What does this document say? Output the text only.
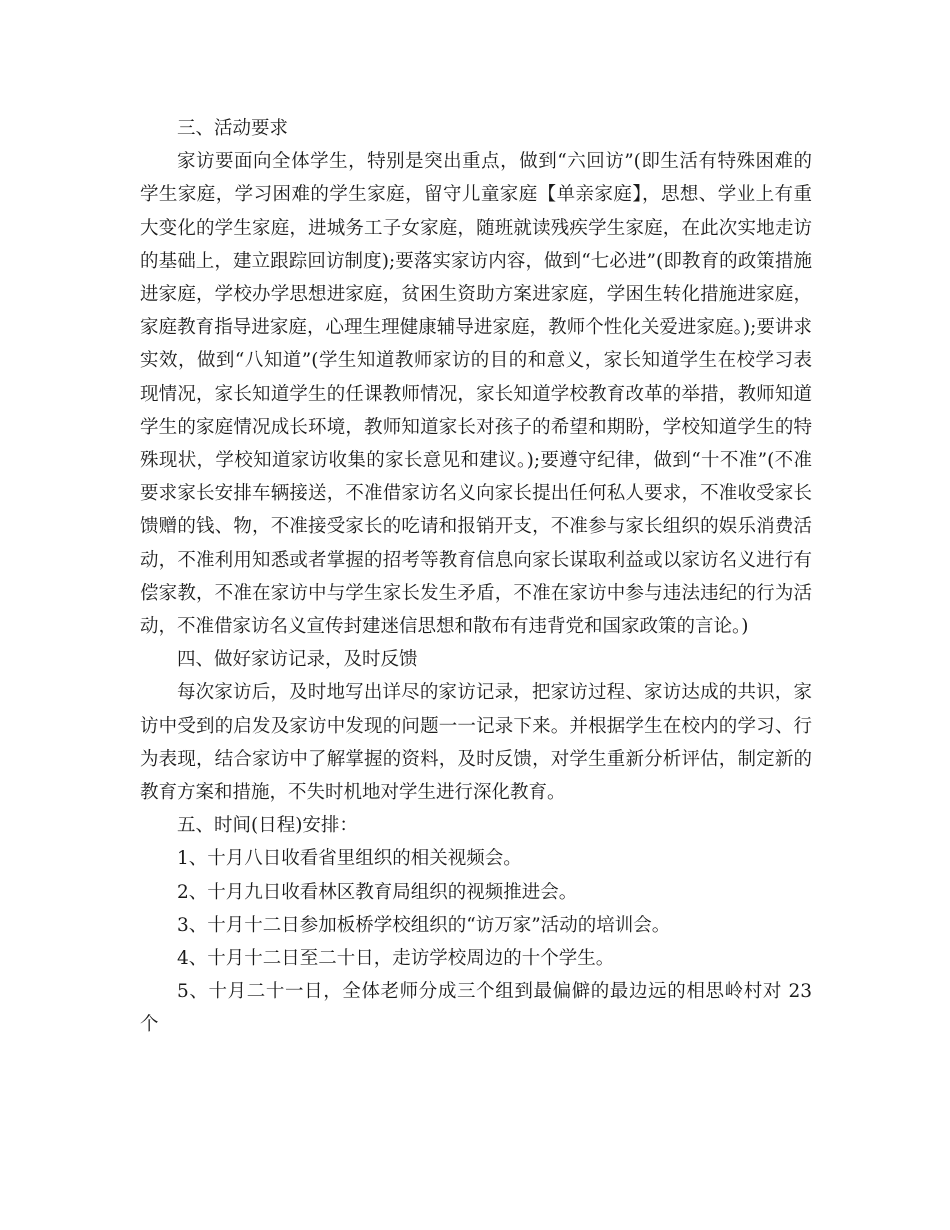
三、活动要求

家访要面向全体学生，特别是突出重点，做到“六回访”(即生活有特殊困难的学生家庭，学习困难的学生家庭，留守儿童家庭【单亲家庭】，思想、学业上有重大变化的学生家庭，进城务工子女家庭，随班就读残疾学生家庭，在此次实地走访的基础上，建立跟踪回访制度);要落实家访内容，做到“七必进”(即教育的政策措施进家庭，学校办学思想进家庭，贫困生资助方案进家庭，学困生转化措施进家庭，家庭教育指导进家庭，心理生理健康辅导进家庭，教师个性化关爱进家庭。);要讲求实效，做到“八知道”(学生知道教师家访的目的和意义，家长知道学生在校学习表现情况，家长知道学生的任课教师情况，家长知道学校教育改革的举措，教师知道学生的家庭情况成长环境，教师知道家长对孩子的希望和期盼，学校知道学生的特殊现状，学校知道家访收集的家长意见和建议。);要遵守纪律，做到“十不准”(不准要求家长安排车辆接送，不准借家访名义向家长提出任何私人要求，不准收受家长馈赠的钱、物，不准接受家长的吃请和报销开支，不准参与家长组织的娱乐消费活动，不准利用知悉或者掌握的招考等教育信息向家长谋取利益或以家访名义进行有偿家教，不准在家访中与学生家长发生矛盾，不准在家访中参与违法违纪的行为活动，不准借家访名义宣传封建迷信思想和散布有违背党和国家政策的言论。)

四、做好家访记录，及时反馈

每次家访后，及时地写出详尽的家访记录，把家访过程、家访达成的共识，家访中受到的启发及家访中发现的问题一一记录下来。并根据学生在校内的学习、行为表现，结合家访中了解掌握的资料，及时反馈，对学生重新分析评估，制定新的教育方案和措施，不失时机地对学生进行深化教育。

五、时间(日程)安排：

1、十月八日收看省里组织的相关视频会。

2、十月九日收看林区教育局组织的视频推进会。

3、十月十二日参加板桥学校组织的“访万家”活动的培训会。

4、十月十二日至二十日，走访学校周边的十个学生。

5、十月二十一日，全体老师分成三个组到最偏僻的最边远的相思岭村对 23 个
